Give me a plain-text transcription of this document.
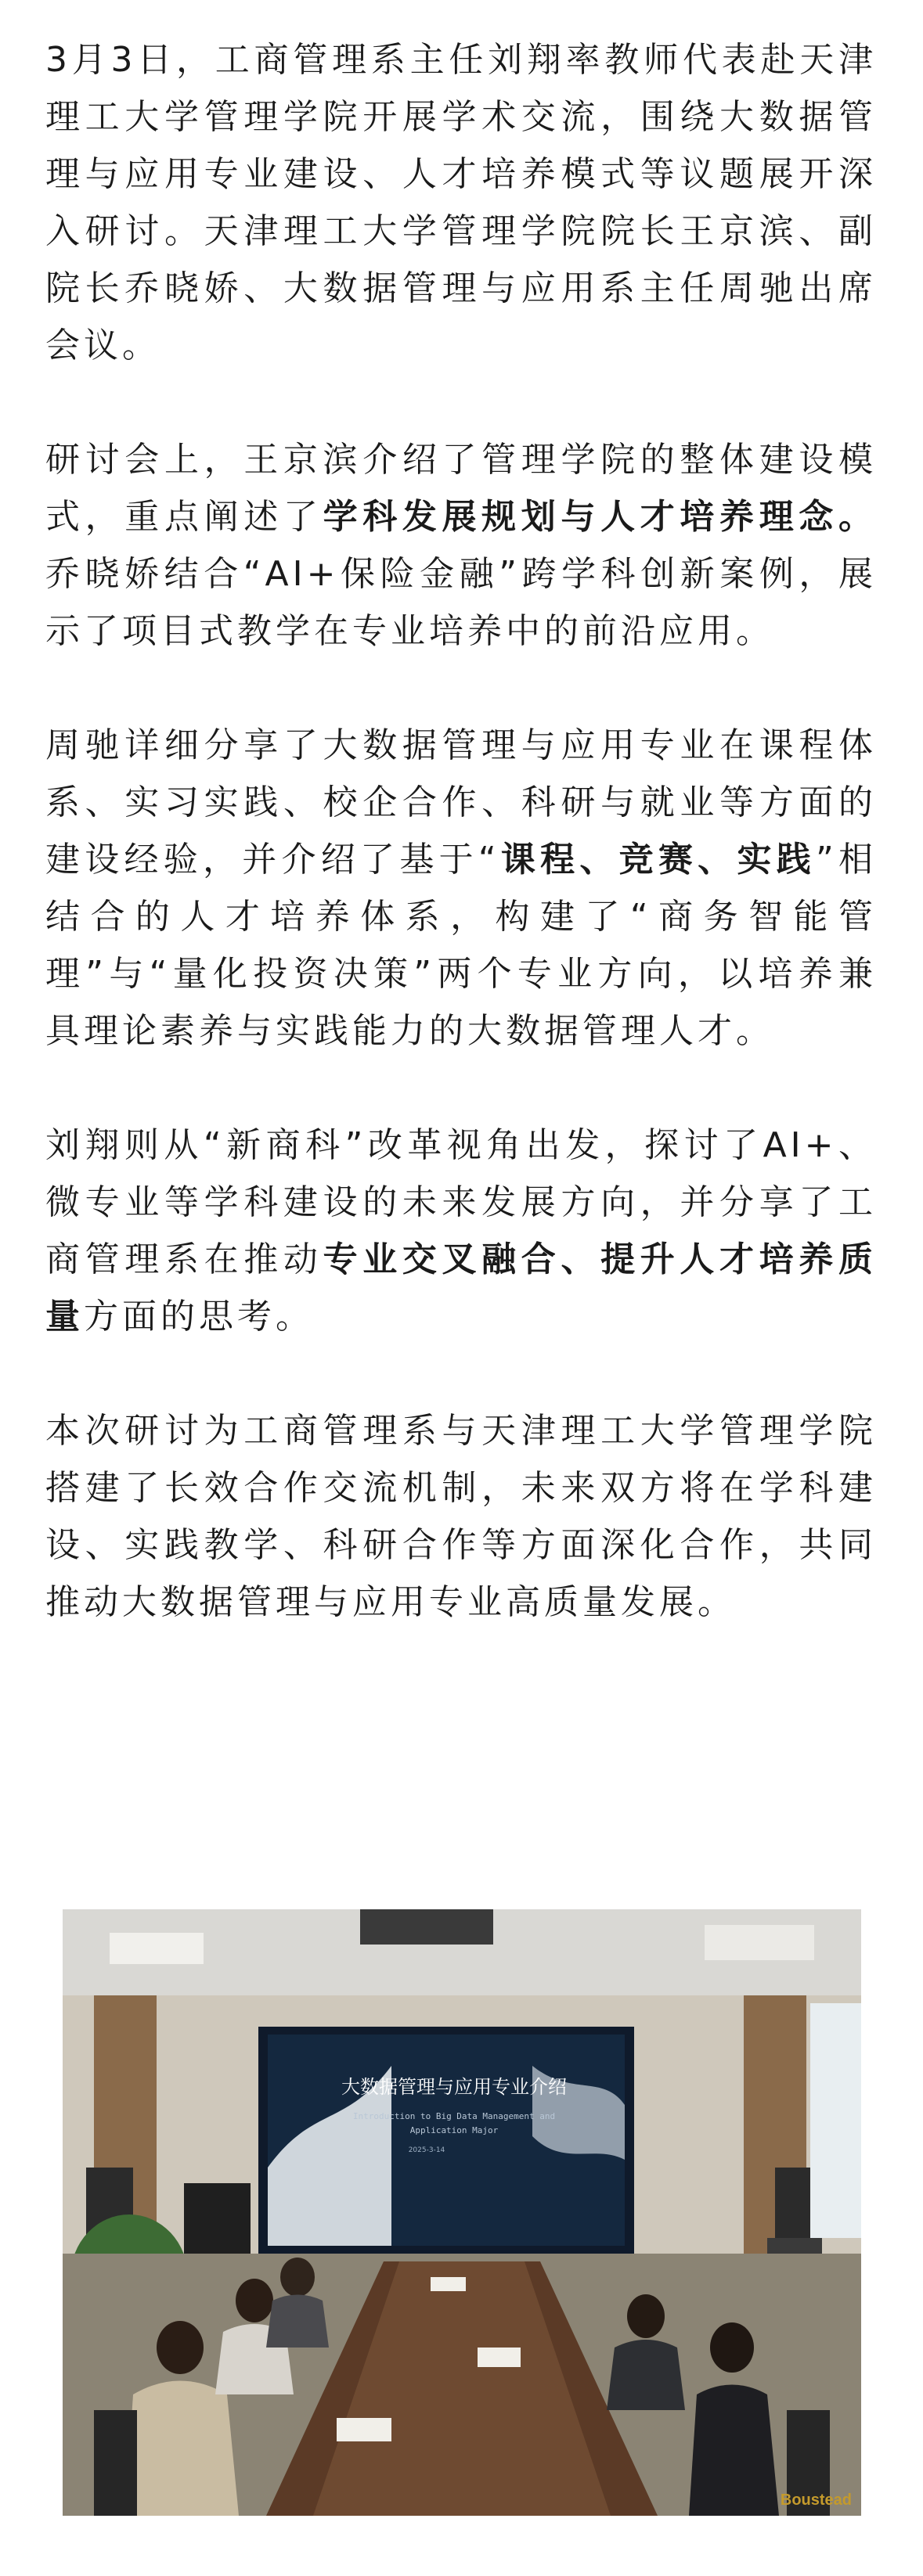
3月3日，工商管理系主任刘翔率教师代表赴天津理工大学管理学院开展学术交流，围绕大数据管理与应用专业建设、人才培养模式等议题展开深入研讨。天津理工大学管理学院院长王京滨、副院长乔晓娇、大数据管理与应用系主任周驰出席会议。

研讨会上，王京滨介绍了管理学院的整体建设模式，重点阐述了学科发展规划与人才培养理念。乔晓娇结合“AI+保险金融”跨学科创新案例，展示了项目式教学在专业培养中的前沿应用。

周驰详细分享了大数据管理与应用专业在课程体系、实习实践、校企合作、科研与就业等方面的建设经验，并介绍了基于“课程、竞赛、实践”相结合的人才培养体系，构建了“商务智能管理”与“量化投资决策”两个专业方向，以培养兼具理论素养与实践能力的大数据管理人才。

刘翔则从“新商科”改革视角出发，探讨了AI+、微专业等学科建设的未来发展方向，并分享了工商管理系在推动专业交叉融合、提升人才培养质量方面的思考。

本次研讨为工商管理系与天津理工大学管理学院搭建了长效合作交流机制，未来双方将在学科建设、实践教学、科研合作等方面深化合作，共同推动大数据管理与应用专业高质量发展。

大数据管理与应用专业介绍
Introduction to Big Data Management and
Application Major
2025-3-14
Boustead
